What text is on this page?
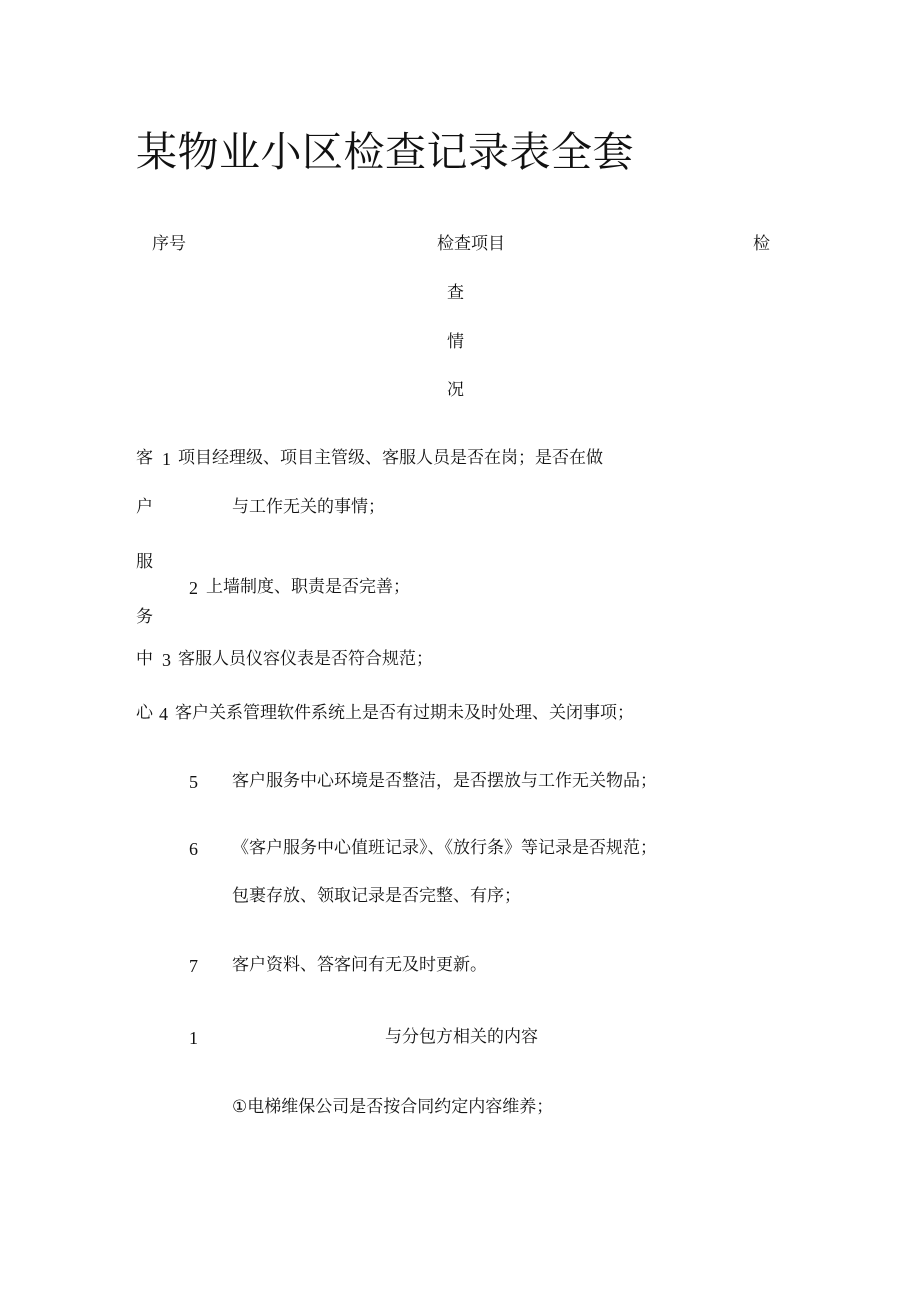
某物业小区检查记录表全套
序号	检查项目	检
查
情
况
客
户
服
务
中
心
1 项目经理级、项目主管级、客服人员是否在岗；是否在做
与工作无关的事情；
2 上墙制度、职责是否完善；
3 客服人员仪容仪表是否符合规范；
4 客户关系管理软件系统上是否有过期未及时处理、关闭事项；
5 客户服务中心环境是否整洁，是否摆放与工作无关物品；
6 《客户服务中心值班记录》、《放行条》等记录是否规范；
包裹存放、领取记录是否完整、有序；
7 客户资料、答客问有无及时更新。
1	与分包方相关的内容
①电梯维保公司是否按合同约定内容维养；
